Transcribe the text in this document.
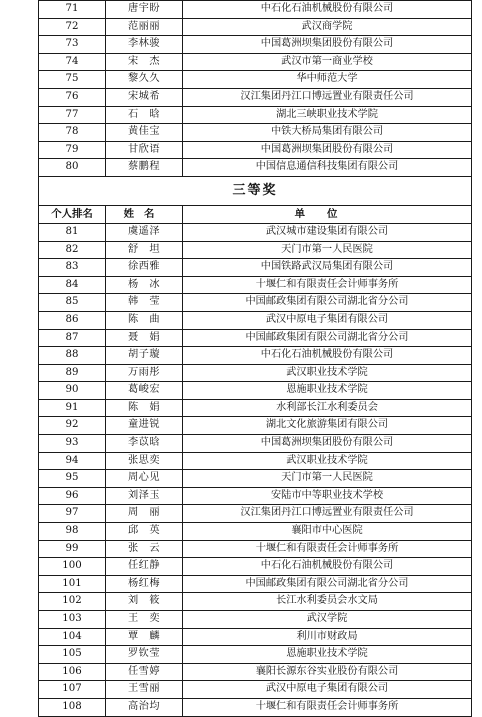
71	唐宇盼	中石化石油机械股份有限公司
72	范丽丽	武汉商学院
73	李林骏	中国葛洲坝集团股份有限公司
74	宋　杰	武汉市第一商业学校
75	黎久久	华中师范大学
76	宋城希	汉江集团丹江口博远置业有限责任公司
77	石　晗	湖北三峡职业技术学院
78	黄佳宝	中铁大桥局集团有限公司
79	甘欣语	中国葛洲坝集团股份有限公司
80	蔡鹏程	中国信息通信科技集团有限公司
三等奖		
个人排名	姓名	单位
81	虞遥泽	武汉城市建设集团有限公司
82	舒　坦	天门市第一人民医院
83	徐西雅	中国铁路武汉局集团有限公司
84	杨　冰	十堰仁和有限责任会计师事务所
85	韩　莹	中国邮政集团有限公司湖北省分公司
86	陈　曲	武汉中原电子集团有限公司
87	聂　娟	中国邮政集团有限公司湖北省分公司
88	胡子璇	中石化石油机械股份有限公司
89	万雨彤	武汉职业技术学院
90	葛峻宏	恩施职业技术学院
91	陈　娟	水利部长江水利委员会
92	童进锐	湖北文化旅游集团有限公司
93	李苡晗	中国葛洲坝集团股份有限公司
94	张思奕	武汉职业技术学院
95	周心见	天门市第一人民医院
96	刘泽玉	安陆市中等职业技术学校
97	周　丽	汉江集团丹江口博远置业有限责任公司
98	邱　英	襄阳市中心医院
99	张　云	十堰仁和有限责任会计师事务所
100	任红静	中石化石油机械股份有限公司
101	杨红梅	中国邮政集团有限公司湖北省分公司
102	刘　筱	长江水利委员会水文局
103	王　奕	武汉学院
104	覃　麟	利川市财政局
105	罗钦莹	恩施职业技术学院
106	任雪婷	襄阳长源东谷实业股份有限公司
107	王雪丽	武汉中原电子集团有限公司
108	高治均	十堰仁和有限责任会计师事务所
